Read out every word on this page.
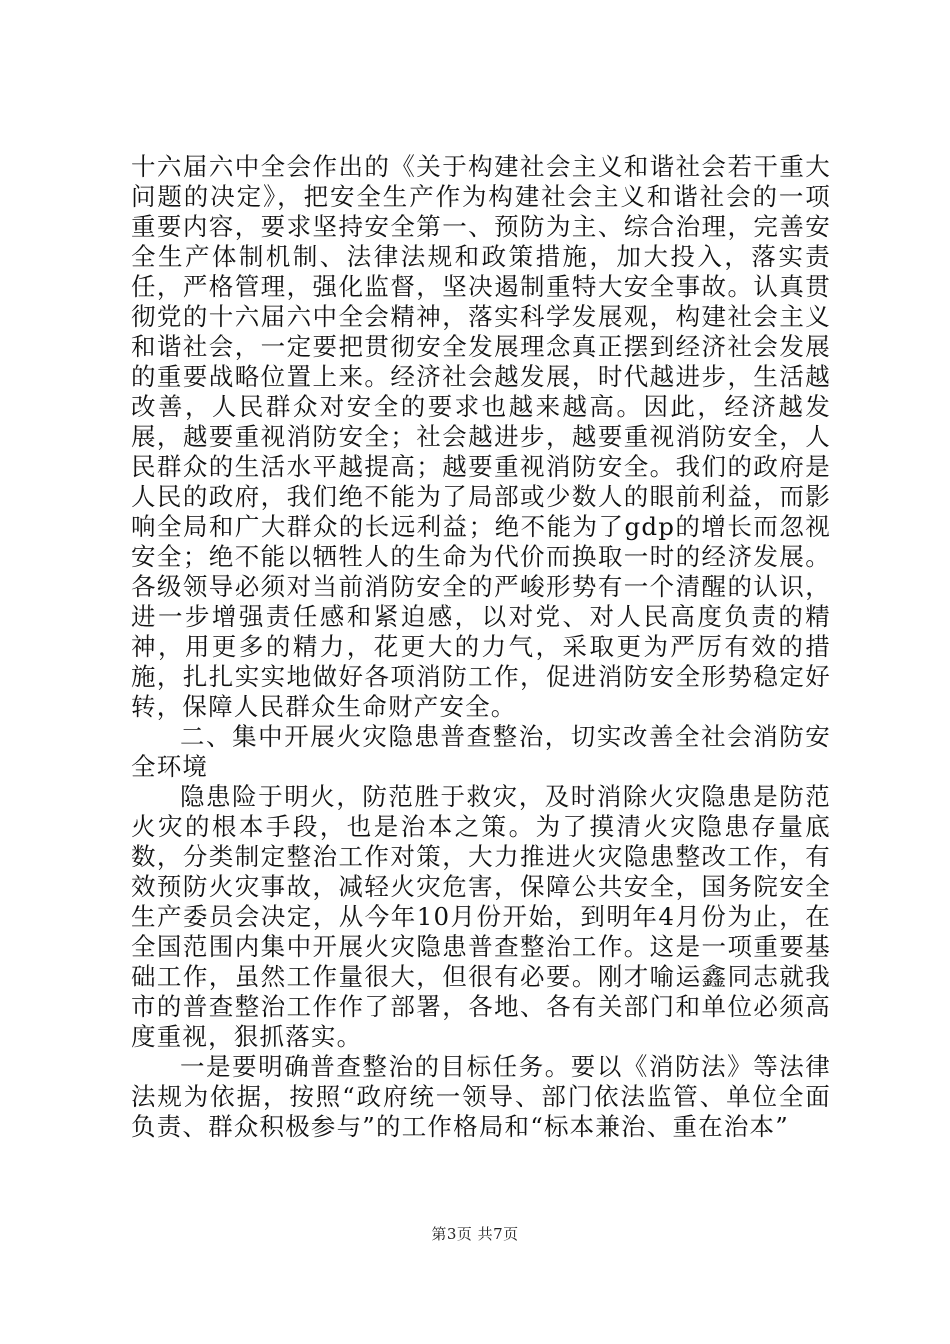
十六届六中全会作出的《关于构建社会主义和谐社会若干重大问题的决定》，把安全生产作为构建社会主义和谐社会的一项重要内容，要求坚持安全第一、预防为主、综合治理，完善安全生产体制机制、法律法规和政策措施，加大投入，落实责任，严格管理，强化监督，坚决遏制重特大安全事故。认真贯彻党的十六届六中全会精神，落实科学发展观，构建社会主义和谐社会，一定要把贯彻安全发展理念真正摆到经济社会发展的重要战略位置上来。经济社会越发展，时代越进步，生活越改善，人民群众对安全的要求也越来越高。因此，经济越发展，越要重视消防安全；社会越进步，越要重视消防安全，人民群众的生活水平越提高；越要重视消防安全。我们的政府是人民的政府，我们绝不能为了局部或少数人的眼前利益，而影响全局和广大群众的长远利益；绝不能为了gdp的增长而忽视安全；绝不能以牺牲人的生命为代价而换取一时的经济发展。各级领导必须对当前消防安全的严峻形势有一个清醒的认识，进一步增强责任感和紧迫感，以对党、对人民高度负责的精神，用更多的精力，花更大的力气，采取更为严厉有效的措施，扎扎实实地做好各项消防工作，促进消防安全形势稳定好转，保障人民群众生命财产安全。

二、集中开展火灾隐患普查整治，切实改善全社会消防安全环境

隐患险于明火，防范胜于救灾，及时消除火灾隐患是防范火灾的根本手段，也是治本之策。为了摸清火灾隐患存量底数，分类制定整治工作对策，大力推进火灾隐患整改工作，有效预防火灾事故，减轻火灾危害，保障公共安全，国务院安全生产委员会决定，从今年10月份开始，到明年4月份为止，在全国范围内集中开展火灾隐患普查整治工作。这是一项重要基础工作，虽然工作量很大，但很有必要。刚才喻运鑫同志就我市的普查整治工作作了部署，各地、各有关部门和单位必须高度重视，狠抓落实。

一是要明确普查整治的目标任务。要以《消防法》等法律法规为依据，按照“政府统一领导、部门依法监管、单位全面负责、群众积极参与”的工作格局和“标本兼治、重在治本”

第3页 共7页
